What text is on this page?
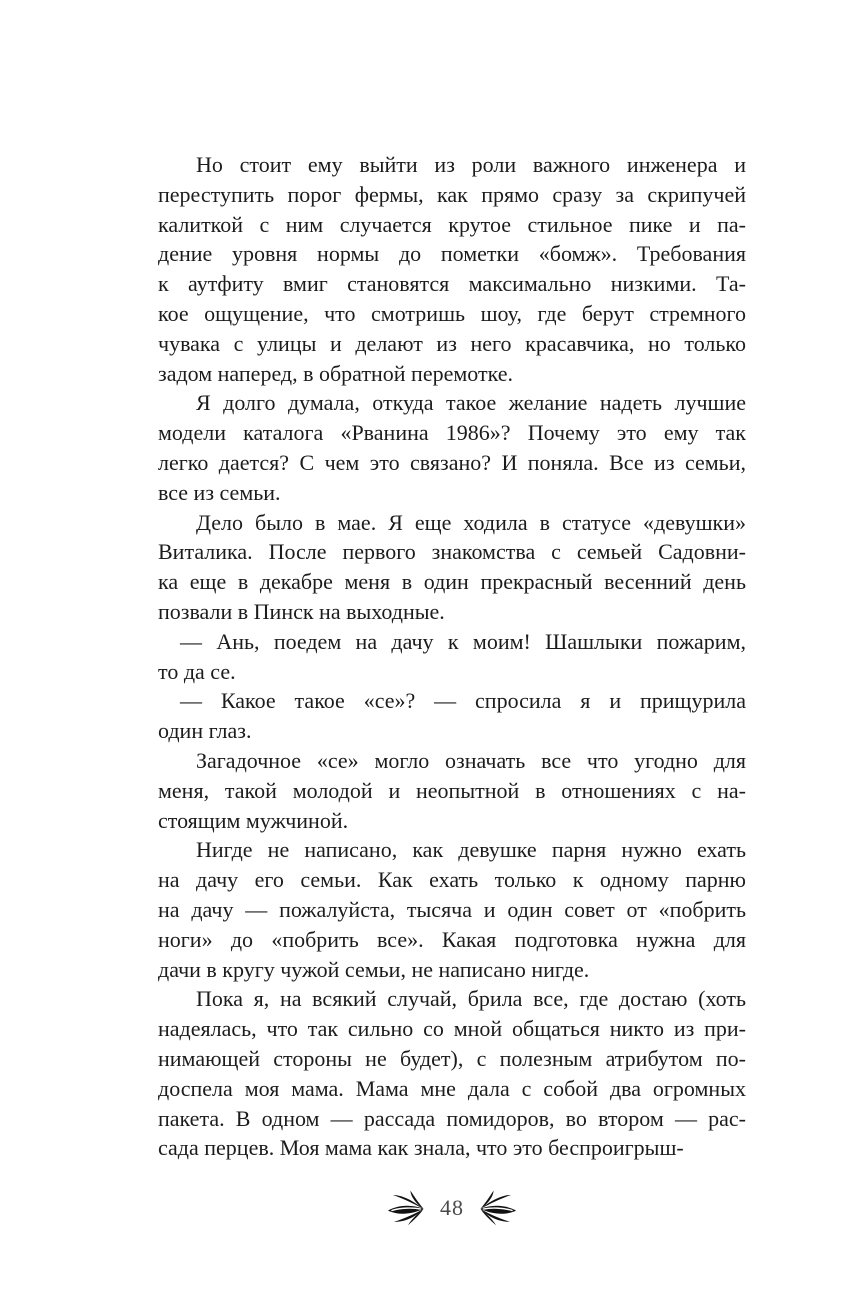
Но стоит ему выйти из роли важного инженера и
переступить порог фермы, как прямо сразу за скрипучей
калиткой с ним случается крутое стильное пике и па-
дение уровня нормы до пометки «бомж». Требования
к аутфиту вмиг становятся максимально низкими. Та-
кое ощущение, что смотришь шоу, где берут стремного
чувака с улицы и делают из него красавчика, но только
задом наперед, в обратной перемотке.
Я долго думала, откуда такое желание надеть лучшие
модели каталога «Рванина 1986»? Почему это ему так
легко дается? С чем это связано? И поняла. Все из семьи,
все из семьи.
Дело было в мае. Я еще ходила в статусе «девушки»
Виталика. После первого знакомства с семьей Садовни-
ка еще в декабре меня в один прекрасный весенний день
позвали в Пинск на выходные.
— Ань, поедем на дачу к моим! Шашлыки пожарим,
то да се.
— Какое такое «се»? — спросила я и прищурила
один глаз.
Загадочное «се» могло означать все что угодно для
меня, такой молодой и неопытной в отношениях с на-
стоящим мужчиной.
Нигде не написано, как девушке парня нужно ехать
на дачу его семьи. Как ехать только к одному парню
на дачу — пожалуйста, тысяча и один совет от «побрить
ноги» до «побрить все». Какая подготовка нужна для
дачи в кругу чужой семьи, не написано нигде.
Пока я, на всякий случай, брила все, где достаю (хоть
надеялась, что так сильно со мной общаться никто из при-
нимающей стороны не будет), с полезным атрибутом по-
доспела моя мама. Мама мне дала с собой два огромных
пакета. В одном — рассада помидоров, во втором — рас-
сада перцев. Моя мама как знала, что это беспроигрыш-
48
